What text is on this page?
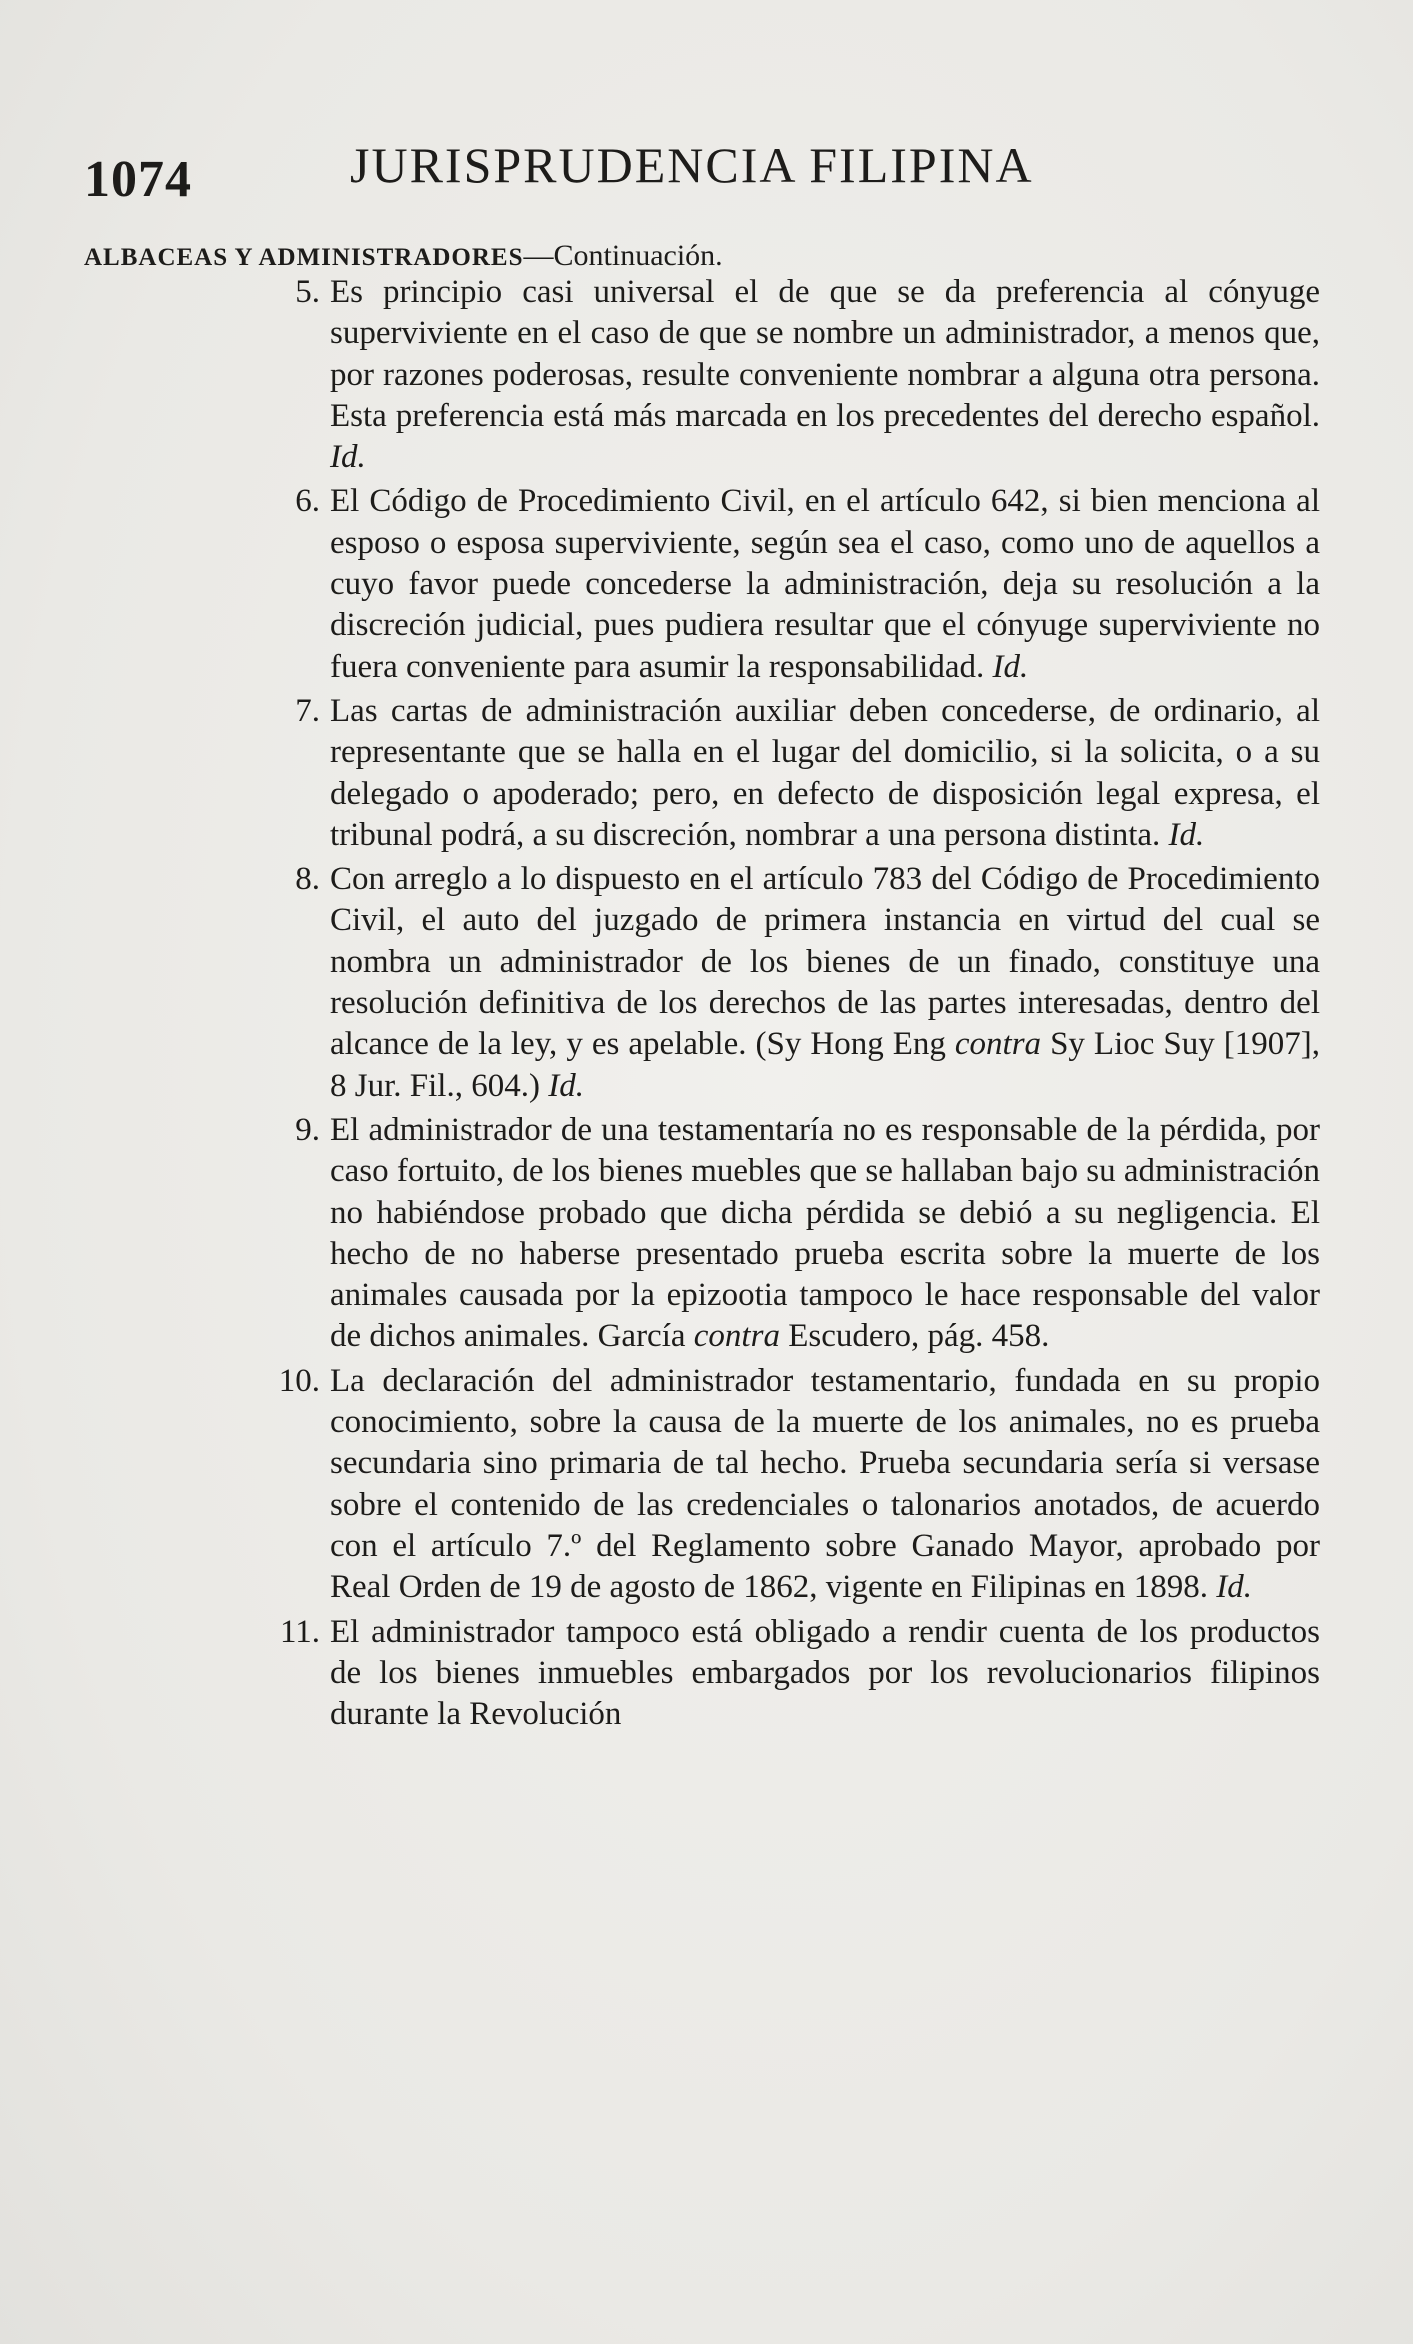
1074	JURISPRUDENCIA FILIPINA
ALBACEAS Y ADMINISTRADORES—Continuación.

5. Es principio casi universal el de que se da preferencia al cónyuge superviviente en el caso de que se nombre un administrador, a menos que, por razones poderosas, resulte conveniente nombrar a alguna otra persona. Esta preferencia está más marcada en los precedentes del derecho español. Id.

6. El Código de Procedimiento Civil, en el artículo 642, si bien menciona al esposo o esposa superviviente, según sea el caso, como uno de aquellos a cuyo favor puede concederse la administración, deja su resolución a la discreción judicial, pues pudiera resultar que el cónyuge superviviente no fuera conveniente para asumir la responsabilidad. Id.

7. Las cartas de administración auxiliar deben concederse, de ordinario, al representante que se halla en el lugar del domicilio, si la solicita, o a su delegado o apoderado; pero, en defecto de disposición legal expresa, el tribunal podrá, a su discreción, nombrar a una persona distinta. Id.

8. Con arreglo a lo dispuesto en el artículo 783 del Código de Procedimiento Civil, el auto del juzgado de primera instancia en virtud del cual se nombra un administrador de los bienes de un finado, constituye una resolución definitiva de los derechos de las partes interesadas, dentro del alcance de la ley, y es apelable. (Sy Hong Eng contra Sy Lioc Suy [1907], 8 Jur. Fil., 604.) Id.

9. El administrador de una testamentaría no es responsable de la pérdida, por caso fortuito, de los bienes muebles que se hallaban bajo su administración no habiéndose probado que dicha pérdida se debió a su negligencia. El hecho de no haberse presentado prueba escrita sobre la muerte de los animales causada por la epizootia tampoco le hace responsable del valor de dichos animales. García contra Escudero, pág. 458.

10. La declaración del administrador testamentario, fundada en su propio conocimiento, sobre la causa de la muerte de los animales, no es prueba secundaria sino primaria de tal hecho. Prueba secundaria sería si versase sobre el contenido de las credenciales o talonarios anotados, de acuerdo con el artículo 7.º del Reglamento sobre Ganado Mayor, aprobado por Real Orden de 19 de agosto de 1862, vigente en Filipinas en 1898. Id.

11. El administrador tampoco está obligado a rendir cuenta de los productos de los bienes inmuebles embargados por los revolucionarios filipinos durante la Revolución
